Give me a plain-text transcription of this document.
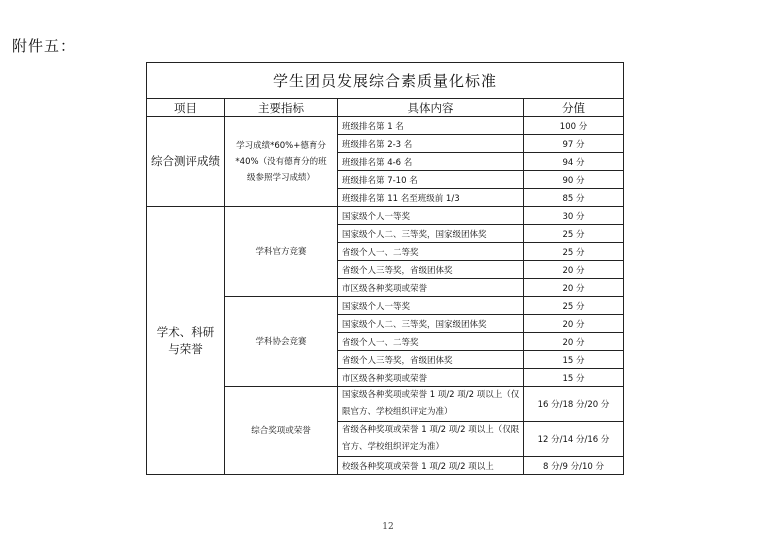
附件五：
学生团员发展综合素质量化标准			
项目	主要指标	具体内容	分值
综合测评成绩	学习成绩*60%+德育分*40%（没有德育分的班级参照学习成绩）	班级排名第 1 名	100 分
		班级排名第 2-3 名	97 分
		班级排名第 4-6 名	94 分
		班级排名第 7-10 名	90 分
		班级排名第 11 名至班级前 1/3	85 分
学术、科研与荣誉	学科官方竞赛	国家级个人一等奖	30 分
		国家级个人二、三等奖，国家级团体奖	25 分
		省级个人一、二等奖	25 分
		省级个人三等奖，省级团体奖	20 分
		市区级各种奖项或荣誉	20 分
	学科协会竞赛	国家级个人一等奖	25 分
		国家级个人二、三等奖，国家级团体奖	20 分
		省级个人一、二等奖	20 分
		省级个人三等奖，省级团体奖	15 分
		市区级各种奖项或荣誉	15 分
	综合奖项或荣誉	国家级各种奖项或荣誉 1 项/2 项/2 项以上（仅限官方、学校组织评定为准）	16 分/18 分/20 分
		省级各种奖项或荣誉 1 项/2 项/2 项以上（仅限官方、学校组织评定为准）	12 分/14 分/16 分
		校级各种奖项或荣誉 1 项/2 项/2 项以上	8 分/9 分/10 分
12
